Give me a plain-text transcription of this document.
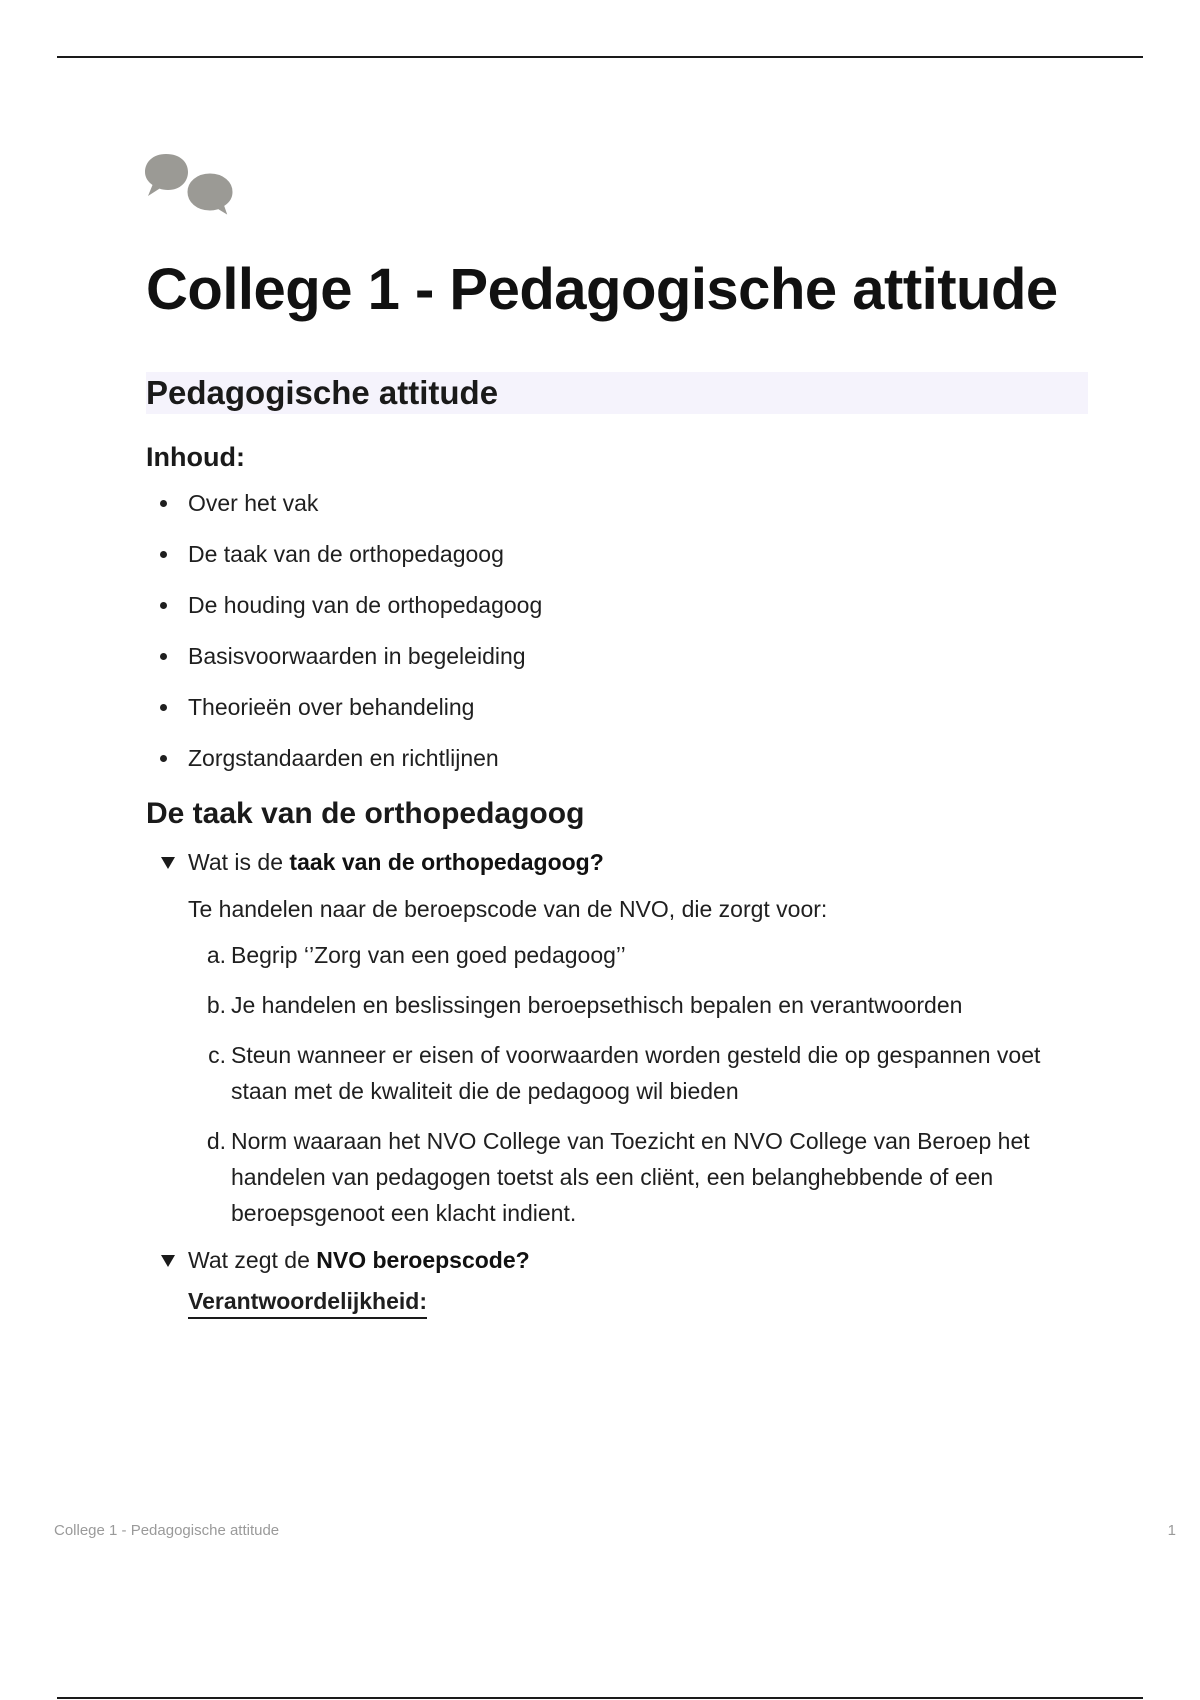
College 1 - Pedagogische attitude
Pedagogische attitude
Inhoud:
Over het vak
De taak van de orthopedagoog
De houding van de orthopedagoog
Basisvoorwaarden in begeleiding
Theorieën over behandeling
Zorgstandaarden en richtlijnen
De taak van de orthopedagoog
Wat is de taak van de orthopedagoog?

Te handelen naar de beroepscode van de NVO, die zorgt voor:

a. Begrip ‘’Zorg van een goed pedagoog’’
b. Je handelen en beslissingen beroepsethisch bepalen en verantwoorden
c. Steun wanneer er eisen of voorwaarden worden gesteld die op gespannen voet staan met de kwaliteit die de pedagoog wil bieden
d. Norm waaraan het NVO College van Toezicht en NVO College van Beroep het handelen van pedagogen toetst als een cliënt, een belanghebbende of een beroepsgenoot een klacht indient.
Wat zegt de NVO beroepscode?
Verantwoordelijkheid:
College 1 - Pedagogische attitude	1
